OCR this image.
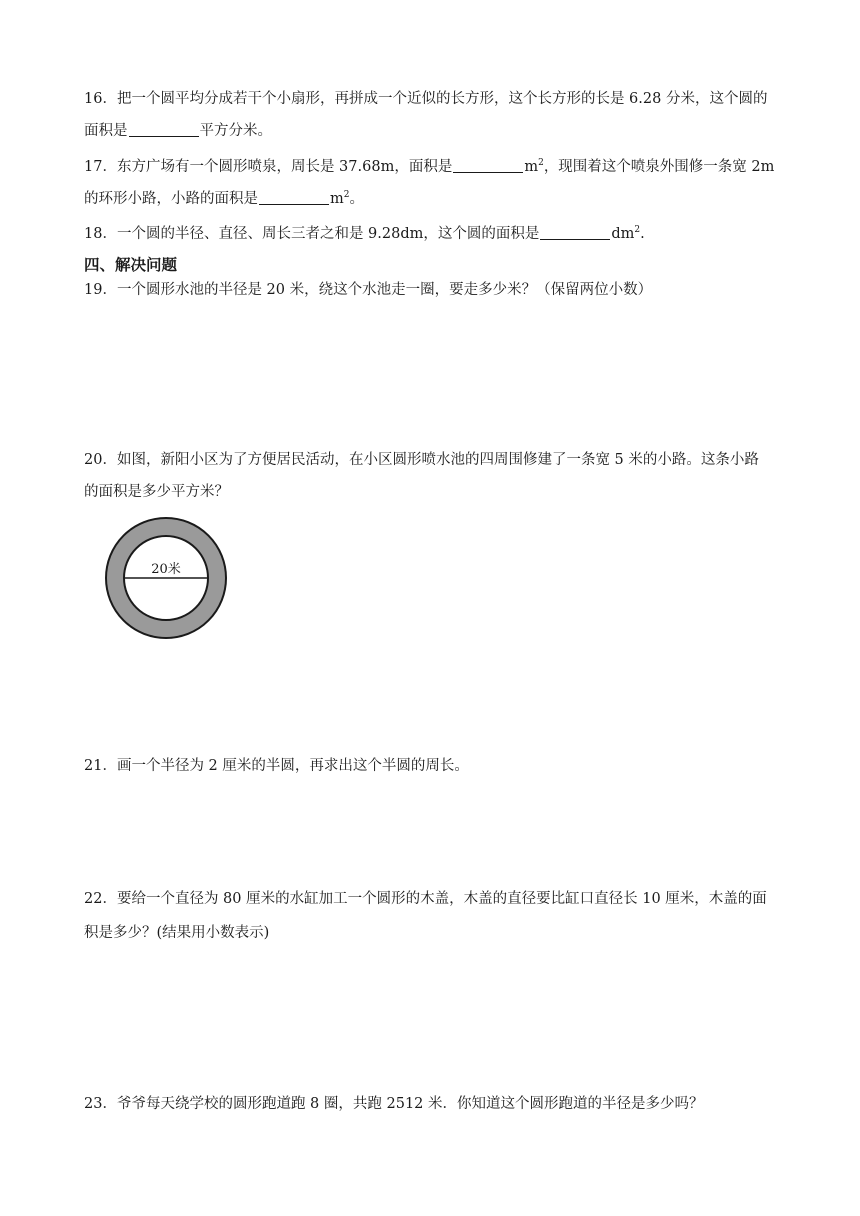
16．把一个圆平均分成若干个小扇形，再拼成一个近似的长方形，这个长方形的长是 6.28 分米，这个圆的
面积是	平方分米。
17．东方广场有一个圆形喷泉，周长是 37.68m，面积是	$m^2$，现围着这个喷泉外围修一条宽 2m
的环形小路，小路的面积是	$m^2$。
18．一个圆的半径、直径、周长三者之和是 9.28dm，这个圆的面积是	$dm^2$.
四、解决问题
19．一个圆形水池的半径是 20 米，绕这个水池走一圈，要走多少米？（保留两位小数）
20．如图，新阳小区为了方便居民活动，在小区圆形喷水池的四周围修建了一条宽 5 米的小路。这条小路
的面积是多少平方米？
20米
21．画一个半径为 2 厘米的半圆，再求出这个半圆的周长。
22．要给一个直径为 80 厘米的水缸加工一个圆形的木盖，木盖的直径要比缸口直径长 10 厘米，木盖的面
积是多少？(结果用小数表示)
23．爷爷每天绕学校的圆形跑道跑 8 圈，共跑 2512 米．你知道这个圆形跑道的半径是多少吗？
